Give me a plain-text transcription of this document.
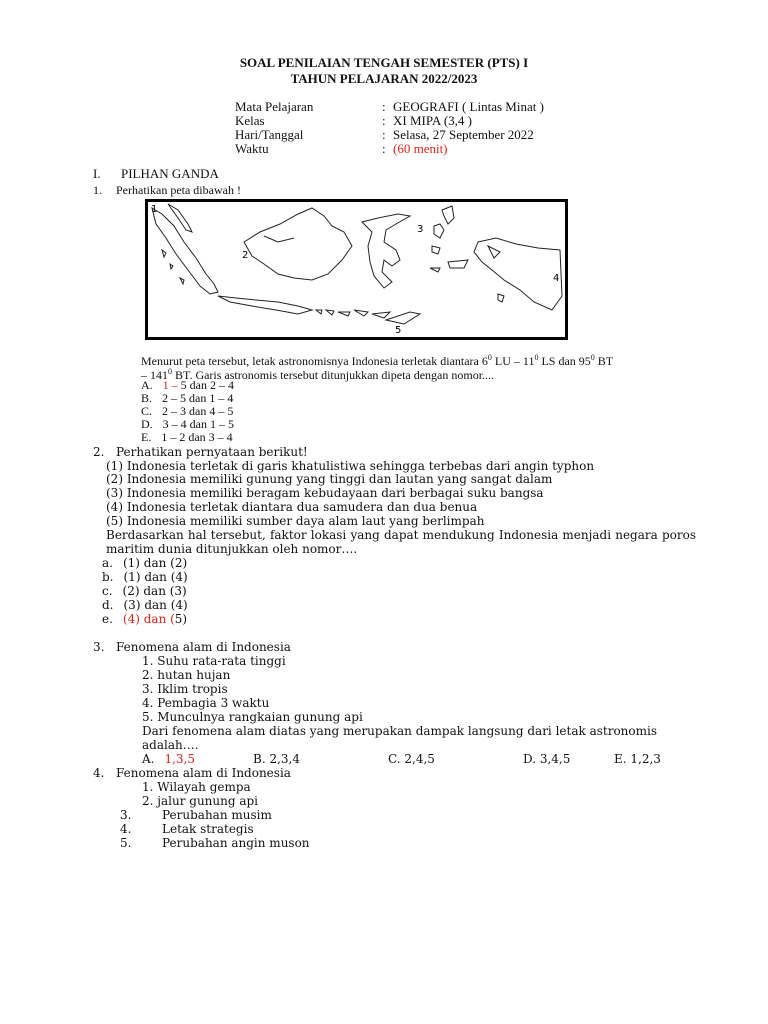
SOAL PENILAIAN TENGAH SEMESTER (PTS) I
TAHUN PELAJARAN 2022/2023
Mata Pelajaran	: GEOGRAFI ( Lintas Minat )
Kelas	: XI MIPA (3,4 )
Hari/Tanggal	: Selasa, 27 September 2022
Waktu	: (60 menit)
I. PILHAN GANDA
1. Perhatikan peta dibawah !
1
2
3
4
5
Menurut peta tersebut, letak astronomisnya Indonesia terletak diantara $6^0$ LU – $11^0$ LS dan $95^0$ BT
– $141^0$ BT. Garis astronomis tersebut ditunjukkan dipeta dengan nomor....
A. 1 – 5 dan 2 – 4
B. 2 – 5 dan 1 – 4
C. 2 – 3 dan 4 – 5
D. 3 – 4 dan 1 – 5
E. 1 – 2 dan 3 – 4
2. Perhatikan pernyataan berikut!
(1) Indonesia terletak di garis khatulistiwa sehingga terbebas dari angin typhon
(2) Indonesia memiliki gunung yang tinggi dan lautan yang sangat dalam
(3) Indonesia memiliki beragam kebudayaan dari berbagai suku bangsa
(4) Indonesia terletak diantara dua samudera dan dua benua
(5) Indonesia memiliki sumber daya alam laut yang berlimpah
Berdasarkan hal tersebut, faktor lokasi yang dapat mendukung Indonesia menjadi negara poros
maritim dunia ditunjukkan oleh nomor….
a. (1) dan (2)
b. (1) dan (4)
c. (2) dan (3)
d. (3) dan (4)
e. (4) dan (5)
3. Fenomena alam di Indonesia
1. Suhu rata-rata tinggi
2. hutan hujan
3. Iklim tropis
4. Pembagia 3 waktu
5. Munculnya rangkaian gunung api
Dari fenomena alam diatas yang merupakan dampak langsung dari letak astronomis
adalah….
A. 1,3,5	B. 2,3,4	C. 2,4,5	D. 3,4,5	E. 1,2,3
4. Fenomena alam di Indonesia
1. Wilayah gempa
2. jalur gunung api
3.	Perubahan musim
4.	Letak strategis
5.	Perubahan angin muson
